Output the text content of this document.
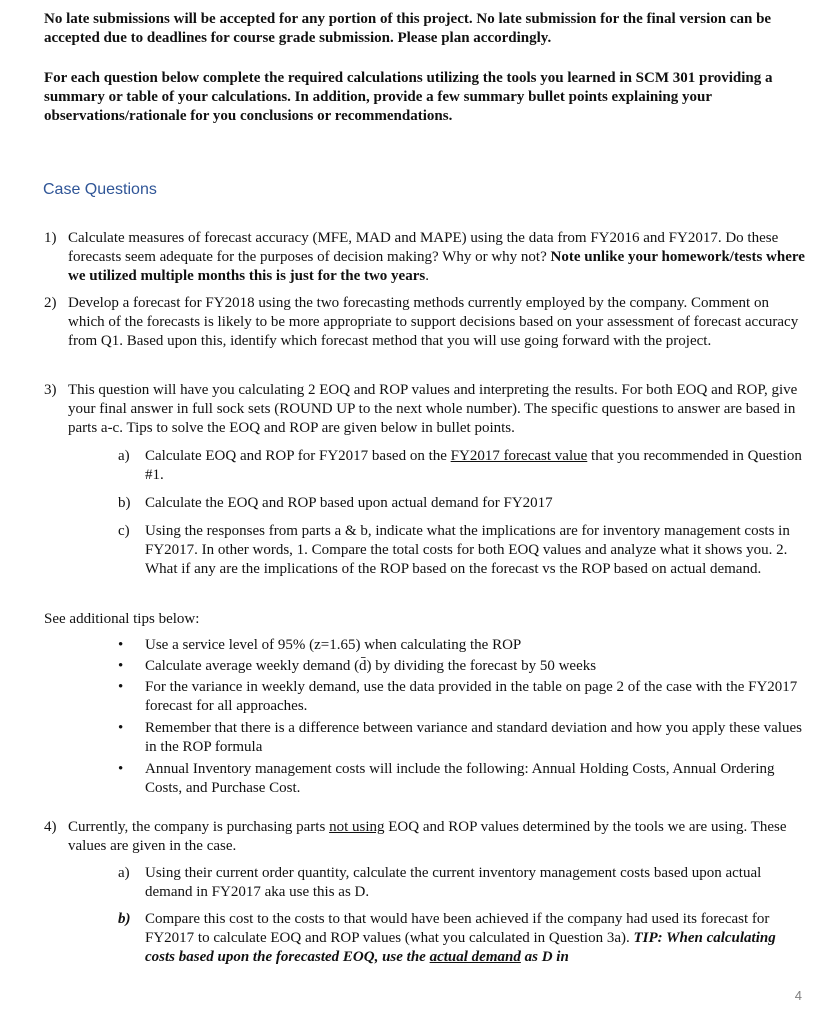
No late submissions will be accepted for any portion of this project. No late submission for the final version can be accepted due to deadlines for course grade submission. Please plan accordingly.
For each question below complete the required calculations utilizing the tools you learned in SCM 301 providing a summary or table of your calculations. In addition, provide a few summary bullet points explaining your observations/rationale for you conclusions or recommendations.
Case Questions
1) Calculate measures of forecast accuracy (MFE, MAD and MAPE) using the data from FY2016 and FY2017. Do these forecasts seem adequate for the purposes of decision making? Why or why not? Note unlike your homework/tests where we utilized multiple months this is just for the two years.
2) Develop a forecast for FY2018 using the two forecasting methods currently employed by the company. Comment on which of the forecasts is likely to be more appropriate to support decisions based on your assessment of forecast accuracy from Q1. Based upon this, identify which forecast method that you will use going forward with the project.
3) This question will have you calculating 2 EOQ and ROP values and interpreting the results. For both EOQ and ROP, give your final answer in full sock sets (ROUND UP to the next whole number). The specific questions to answer are based in parts a-c. Tips to solve the EOQ and ROP are given below in bullet points.
a) Calculate EOQ and ROP for FY2017 based on the FY2017 forecast value that you recommended in Question #1.
b) Calculate the EOQ and ROP based upon actual demand for FY2017
c) Using the responses from parts a & b, indicate what the implications are for inventory management costs in FY2017. In other words, 1. Compare the total costs for both EOQ values and analyze what it shows you. 2. What if any are the implications of the ROP based on the forecast vs the ROP based on actual demand.
See additional tips below:
• Use a service level of 95% (z=1.65) when calculating the ROP
• Calculate average weekly demand (d̄) by dividing the forecast by 50 weeks
• For the variance in weekly demand, use the data provided in the table on page 2 of the case with the FY2017 forecast for all approaches.
• Remember that there is a difference between variance and standard deviation and how you apply these values in the ROP formula
• Annual Inventory management costs will include the following: Annual Holding Costs, Annual Ordering Costs, and Purchase Cost.
4) Currently, the company is purchasing parts not using EOQ and ROP values determined by the tools we are using. These values are given in the case.
a) Using their current order quantity, calculate the current inventory management costs based upon actual demand in FY2017 aka use this as D.
b) Compare this cost to the costs to that would have been achieved if the company had used its forecast for FY2017 to calculate EOQ and ROP values (what you calculated in Question 3a). TIP: When calculating costs based upon the forecasted EOQ, use the actual demand as D in
4
